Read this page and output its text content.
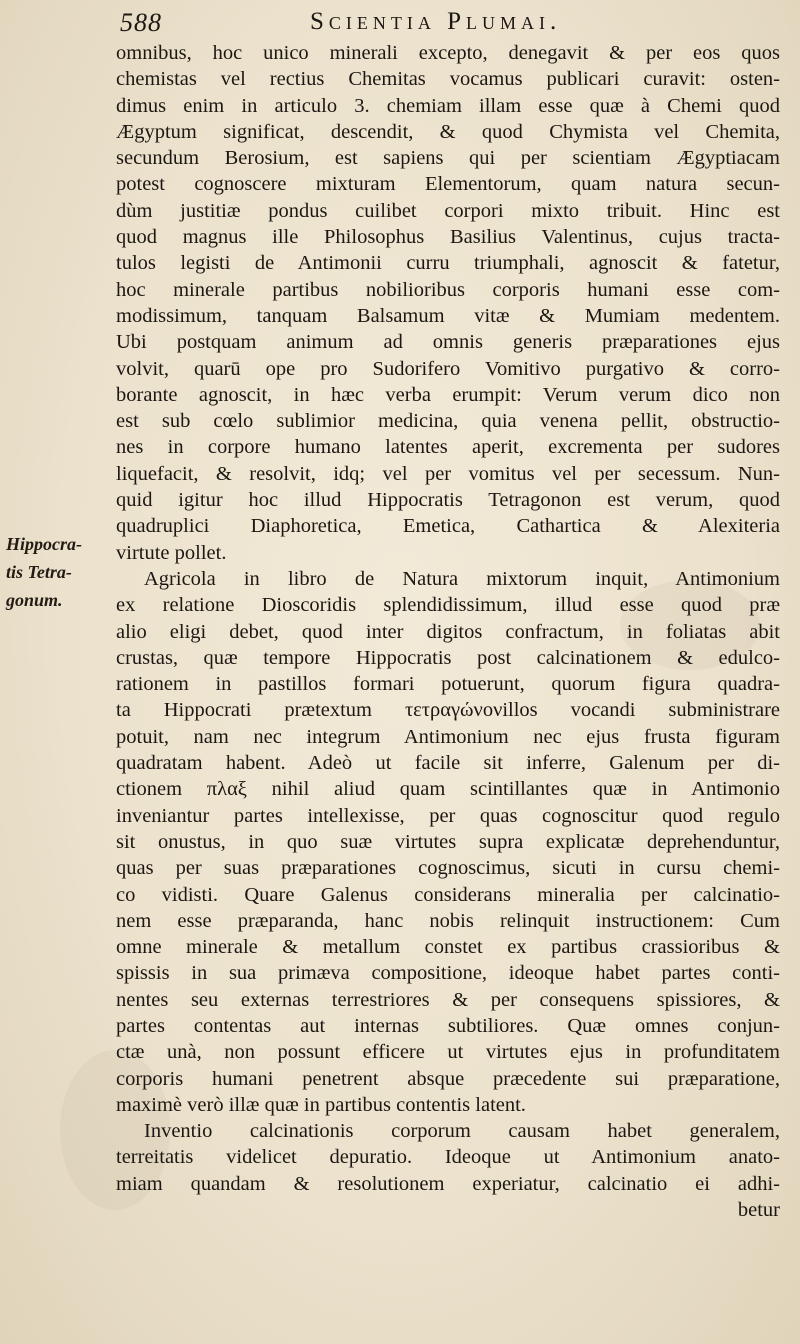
588	Scientia Plumai.
Hippocra-
tis Tetra-
gonum.
omnibus, hoc unico minerali excepto, denegavit & per eos quos
chemistas vel rectius Chemitas vocamus publicari curavit: osten-
dimus enim in articulo 3. chemiam illam esse quæ à Chemi quod
Ægyptum significat, descendit, & quod Chymista vel Chemita,
secundum Berosium, est sapiens qui per scientiam Ægyptiacam
potest cognoscere mixturam Elementorum, quam natura secun-
dùm justitiæ pondus cuilibet corpori mixto tribuit. Hinc est
quod magnus ille Philosophus Basilius Valentinus, cujus tracta-
tulos legisti de Antimonii curru triumphali, agnoscit & fatetur,
hoc minerale partibus nobilioribus corporis humani esse com-
modissimum, tanquam Balsamum vitæ & Mumiam medentem.
Ubi postquam animum ad omnis generis præparationes ejus
volvit, quarū ope pro Sudorifero Vomitivo purgativo & corro-
borante agnoscit, in hæc verba erumpit: Verum verum dico non
est sub cœlo sublimior medicina, quia venena pellit, obstructio-
nes in corpore humano latentes aperit, excrementa per sudores
liquefacit, & resolvit, idq; vel per vomitus vel per secessum. Nun-
quid igitur hoc illud Hippocratis Tetragonon est verum, quod
quadruplici Diaphoretica, Emetica, Cathartica & Alexiteria
virtute pollet.
Agricola in libro de Natura mixtorum inquit, Antimonium
ex relatione Dioscoridis splendidissimum, illud esse quod præ
alio eligi debet, quod inter digitos confractum, in foliatas abit
crustas, quæ tempore Hippocratis post calcinationem & edulco-
rationem in pastillos formari potuerunt, quorum figura quadra-
ta Hippocrati prætextum τετραγώνονillos vocandi subministrare
potuit, nam nec integrum Antimonium nec ejus frusta figuram
quadratam habent. Adeò ut facile sit inferre, Galenum per di-
ctionem πλαξ nihil aliud quam scintillantes quæ in Antimonio
inveniantur partes intellexisse, per quas cognoscitur quod regulo
sit onustus, in quo suæ virtutes supra explicatæ deprehenduntur,
quas per suas præparationes cognoscimus, sicuti in cursu chemi-
co vidisti. Quare Galenus considerans mineralia per calcinatio-
nem esse præparanda, hanc nobis relinquit instructionem: Cum
omne minerale & metallum constet ex partibus crassioribus &
spissis in sua primæva compositione, ideoque habet partes conti-
nentes seu externas terrestriores & per consequens spissiores, &
partes contentas aut internas subtiliores. Quæ omnes conjun-
ctæ unà, non possunt efficere ut virtutes ejus in profunditatem
corporis humani penetrent absque præcedente sui præparatione,
maximè verò illæ quæ in partibus contentis latent.
Inventio calcinationis corporum causam habet generalem,
terreitatis videlicet depuratio. Ideoque ut Antimonium anato-
miam quandam & resolutionem experiatur, calcinatio ei adhi-
betur
